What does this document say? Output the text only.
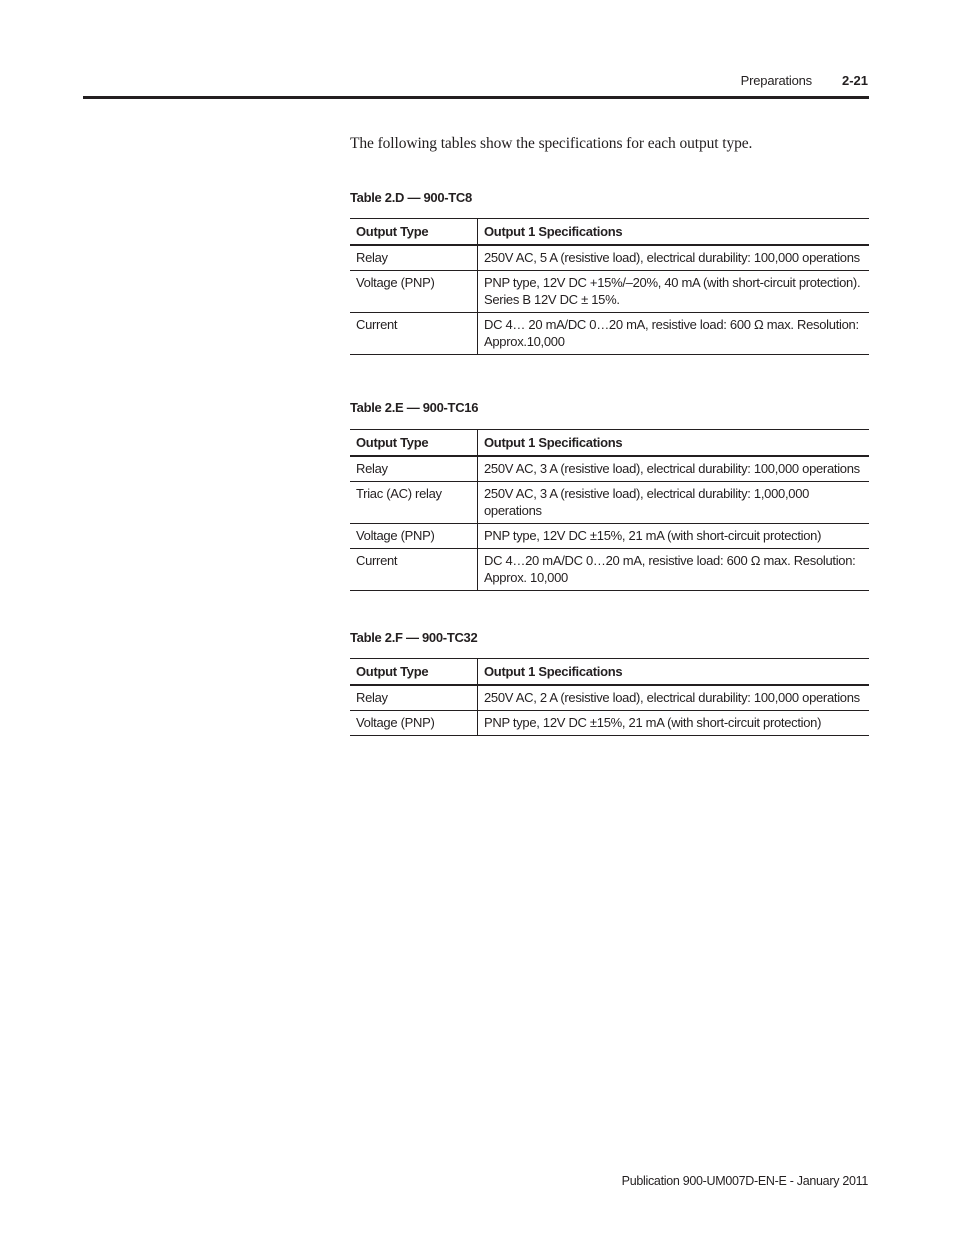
Preparations 2-21

The following tables show the specifications for each output type.

Table 2.D — 900-TC8
Output Type	Output 1 Specifications
Relay	250V AC, 5 A (resistive load), electrical durability: 100,000 operations
Voltage (PNP)	PNP type, 12V DC +15%/–20%, 40 mA (with short-circuit protection). Series B 12V DC ± 15%.
Current	DC 4… 20 mA/DC 0…20 mA, resistive load: 600 Ω max. Resolution: Approx.10,000
Table 2.E — 900-TC16
Output Type	Output 1 Specifications
Relay	250V AC, 3 A (resistive load), electrical durability: 100,000 operations
Triac (AC) relay	250V AC, 3 A (resistive load), electrical durability: 1,000,000 operations
Voltage (PNP)	PNP type, 12V DC ±15%, 21 mA (with short-circuit protection)
Current	DC 4…20 mA/DC 0…20 mA, resistive load: 600 Ω max. Resolution: Approx. 10,000
Table 2.F — 900-TC32
Output Type	Output 1 Specifications
Relay	250V AC, 2 A (resistive load), electrical durability: 100,000 operations
Voltage (PNP)	PNP type, 12V DC ±15%, 21 mA (with short-circuit protection)
Publication 900-UM007D-EN-E - January 2011
